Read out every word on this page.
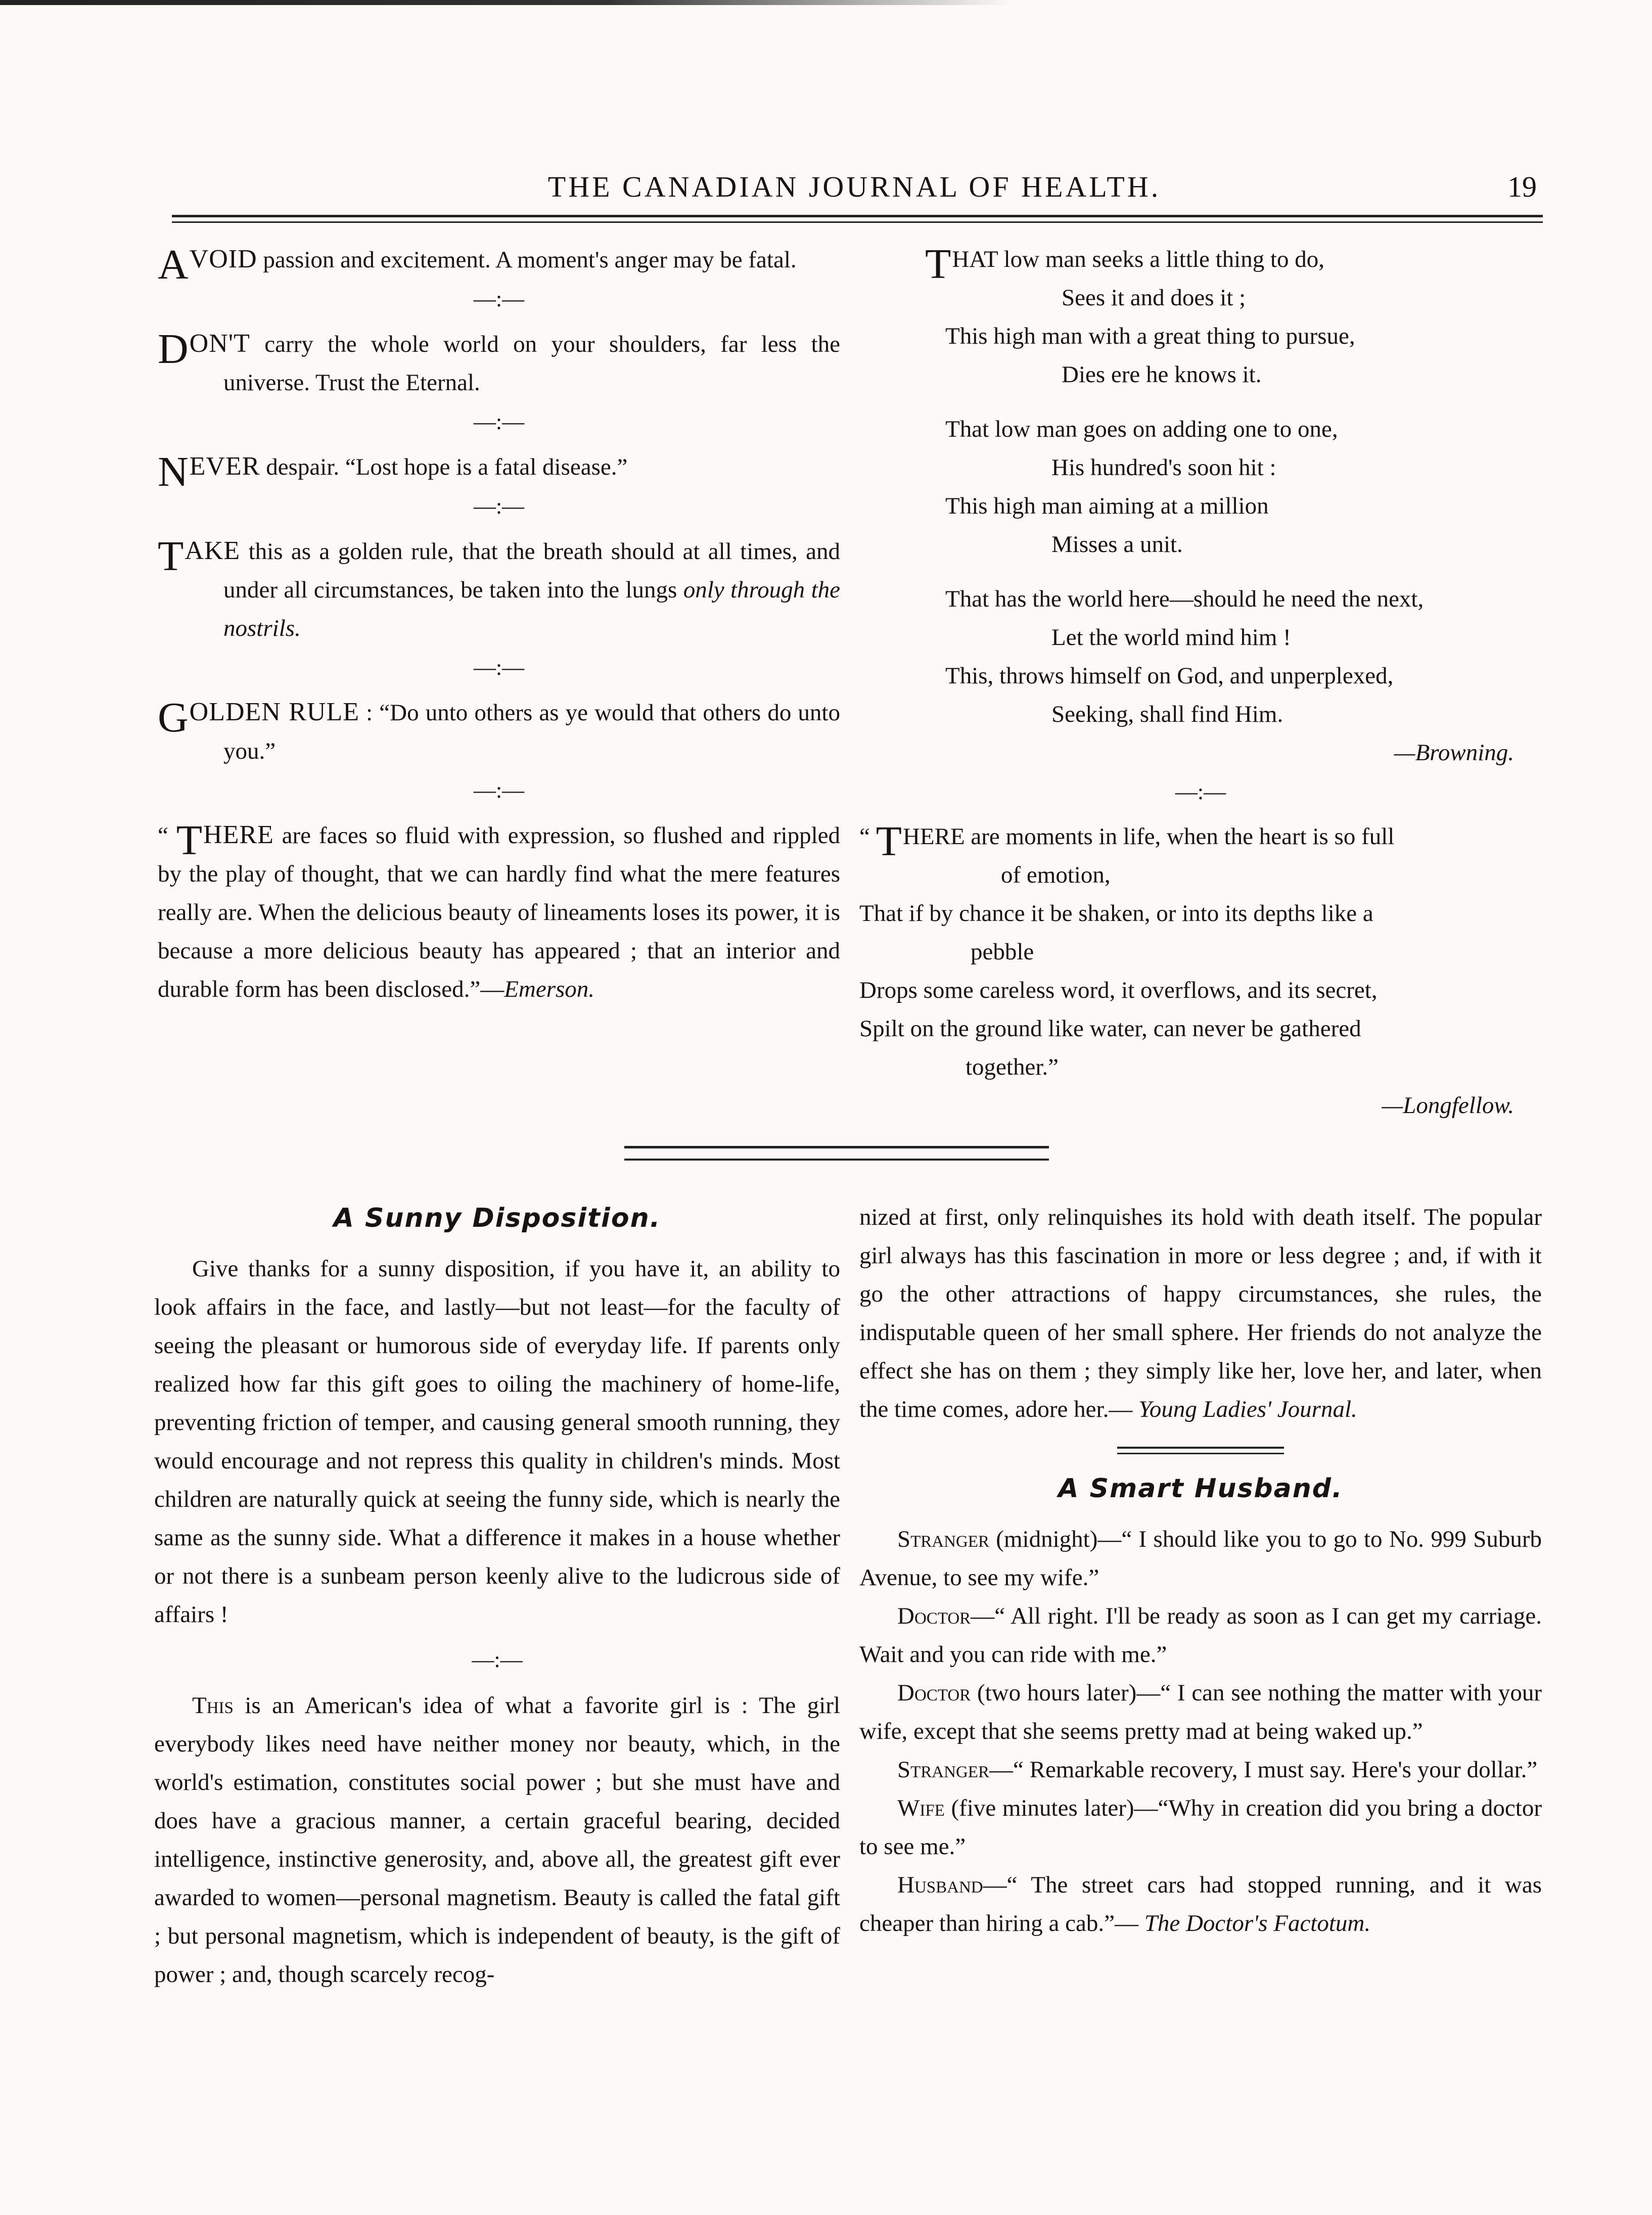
THE CANADIAN JOURNAL OF HEALTH.	19

AVOID passion and excitement. A moment's anger may be fatal.

—:—

DON'T carry the whole world on your shoulders, far less the universe. Trust the Eternal.

—:—

NEVER despair. “Lost hope is a fatal disease.”

—:—

TAKE this as a golden rule, that the breath should at all times, and under all circumstances, be taken into the lungs only through the nostrils.

—:—

GOLDEN RULE : “Do unto others as ye would that others do unto you.”

—:—

“ THERE are faces so fluid with expression, so flushed and rippled by the play of thought, that we can hardly find what the mere features really are. When the delicious beauty of lineaments loses its power, it is because a more delicious beauty has appeared ; that an interior and durable form has been disclosed.”—Emerson.

THAT low man seeks a little thing to do,

Sees it and does it ;

This high man with a great thing to pursue,

Dies ere he knows it.

That low man goes on adding one to one,

His hundred's soon hit :

This high man aiming at a million

Misses a unit.

That has the world here—should he need the next,

Let the world mind him !

This, throws himself on God, and unperplexed,

Seeking, shall find Him.

—Browning.

—:—

“ THERE are moments in life, when the heart is so full

of emotion,

That if by chance it be shaken, or into its depths like a

pebble

Drops some careless word, it overflows, and its secret,

Spilt on the ground like water, can never be gathered

together.”

—Longfellow.

A Sunny Disposition.

Give thanks for a sunny disposition, if you have it, an ability to look affairs in the face, and lastly—but not least—for the faculty of seeing the pleasant or humorous side of everyday life. If parents only realized how far this gift goes to oiling the machinery of home-life, preventing friction of temper, and causing general smooth running, they would encourage and not repress this quality in children's minds. Most children are naturally quick at seeing the funny side, which is nearly the same as the sunny side. What a difference it makes in a house whether or not there is a sunbeam person keenly alive to the ludicrous side of affairs !

—:—

This is an American's idea of what a favorite girl is : The girl everybody likes need have neither money nor beauty, which, in the world's estimation, constitutes social power ; but she must have and does have a gracious manner, a certain graceful bearing, decided intelligence, instinctive generosity, and, above all, the greatest gift ever awarded to women—personal magnetism. Beauty is called the fatal gift ; but personal magnetism, which is independent of beauty, is the gift of power ; and, though scarcely recog-

nized at first, only relinquishes its hold with death itself. The popular girl always has this fascination in more or less degree ; and, if with it go the other attractions of happy circumstances, she rules, the indisputable queen of her small sphere. Her friends do not analyze the effect she has on them ; they simply like her, love her, and later, when the time comes, adore her.— Young Ladies' Journal.

A Smart Husband.

Stranger (midnight)—“ I should like you to go to No. 999 Suburb Avenue, to see my wife.”

Doctor—“ All right. I'll be ready as soon as I can get my carriage. Wait and you can ride with me.”

Doctor (two hours later)—“ I can see nothing the matter with your wife, except that she seems pretty mad at being waked up.”

Stranger—“ Remarkable recovery, I must say. Here's your dollar.”

Wife (five minutes later)—“Why in creation did you bring a doctor to see me.”

Husband—“ The street cars had stopped running, and it was cheaper than hiring a cab.”— The Doctor's Factotum.
